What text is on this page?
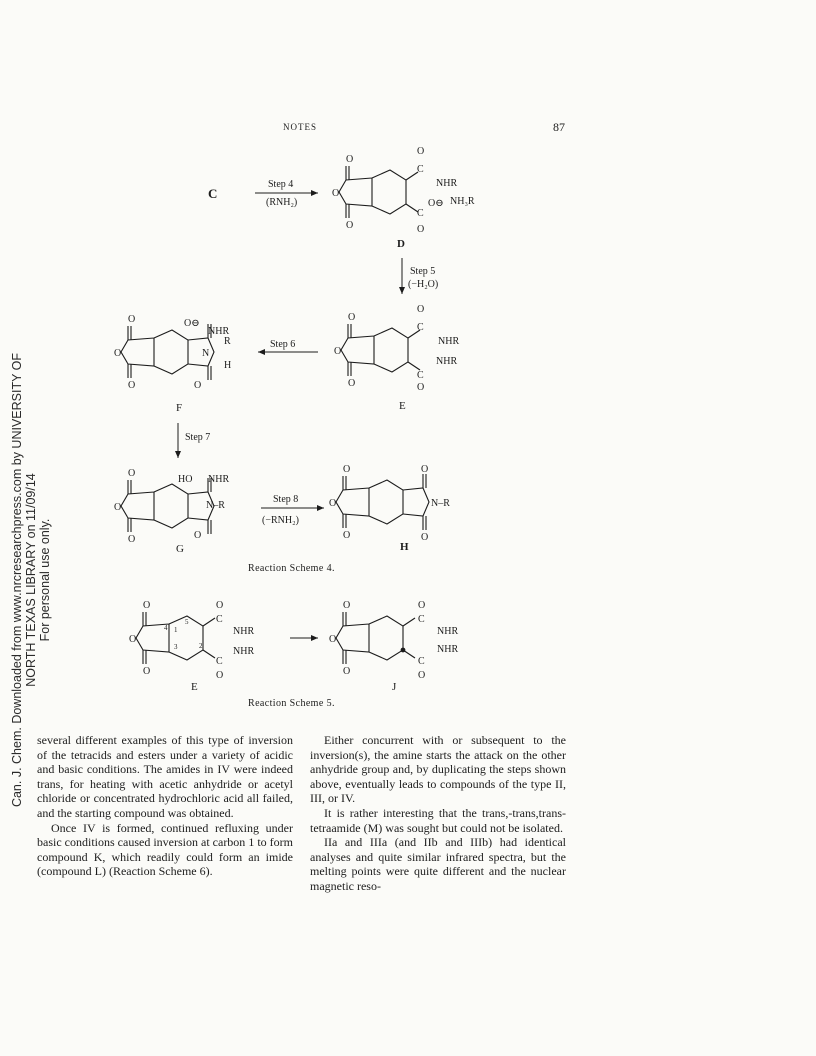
NOTES	87
Can. J. Chem. Downloaded from www.nrcresearchpress.com by UNIVERSITY OF NORTH TEXAS LIBRARY on 11/09/14 For personal use only.
C
Step 4
(RNH₂)
O
O
O
O
C
NHR
C
O⊖ NH₃R
O
D
Step 5
(−H₂O)
O
O
O
O
C
NHR
NHR
C
O
E
Step 6
O
O
O
O⊖
NHR
R
N
H
O
F
Step 7
O
O
O
HO NHR
N–R
O
G
Step 8
(−RNH₂)
O
O
O
O
N–R
O
H
Reaction Scheme 4.
O
O
O
O
C
NHR
NHR
C
O
1
2
3
4
5
E
O
O
O
O
C
NHR
NHR
C
O
J
Reaction Scheme 5.

several different examples of this type of inversion of the tetracids and esters under a variety of acidic and basic conditions. The amides in IV were indeed trans, for heating with acetic anhydride or acetyl chloride or concentrated hydrochloric acid all failed, and the starting compound was obtained.

Once IV is formed, continued refluxing under basic conditions caused inversion at carbon 1 to form compound K, which readily could form an imide (compound L) (Reaction Scheme 6).

Either concurrent with or subsequent to the inversion(s), the amine starts the attack on the other anhydride group and, by duplicating the steps shown above, eventually leads to compounds of the type II, III, or IV.

It is rather interesting that the trans,-trans,trans-tetraamide (M) was sought but could not be isolated.

IIa and IIIa (and IIb and IIIb) had identical analyses and quite similar infrared spectra, but the melting points were quite different and the nuclear magnetic reso-
